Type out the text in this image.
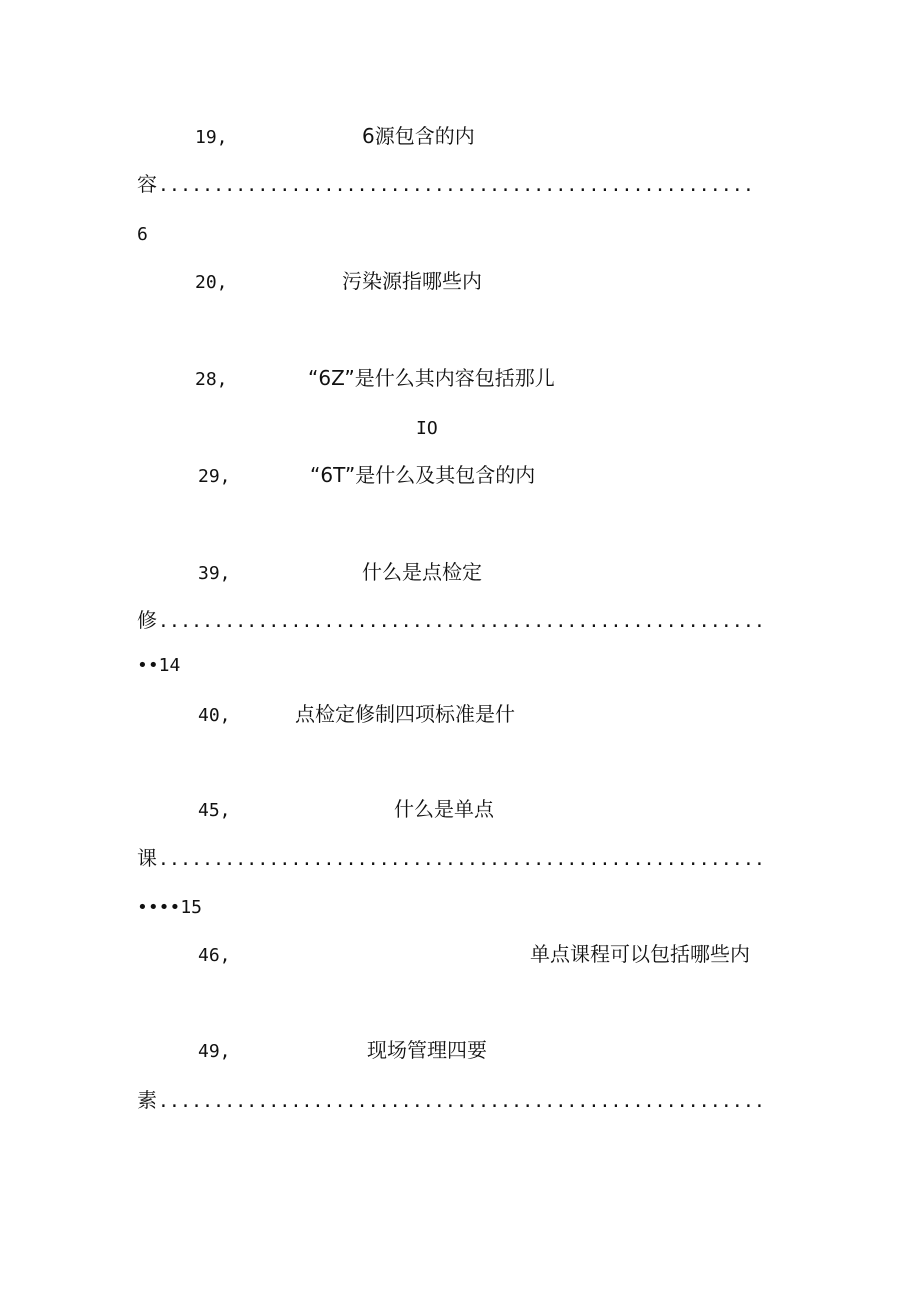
19,	6源包含的内
容 ......................................................
6
20,	污染源指哪些内
28,	“6Z”是什么其内容包括那儿
IO
29,	“6T”是什么及其包含的内
39,	什么是点检定
修 .......................................................
••14
40,	点检定修制四项标准是什
45,	什么是单点
课 .......................................................
••••15
46,	单点课程可以包括哪些内
49,	现场管理四要
素 .......................................................
